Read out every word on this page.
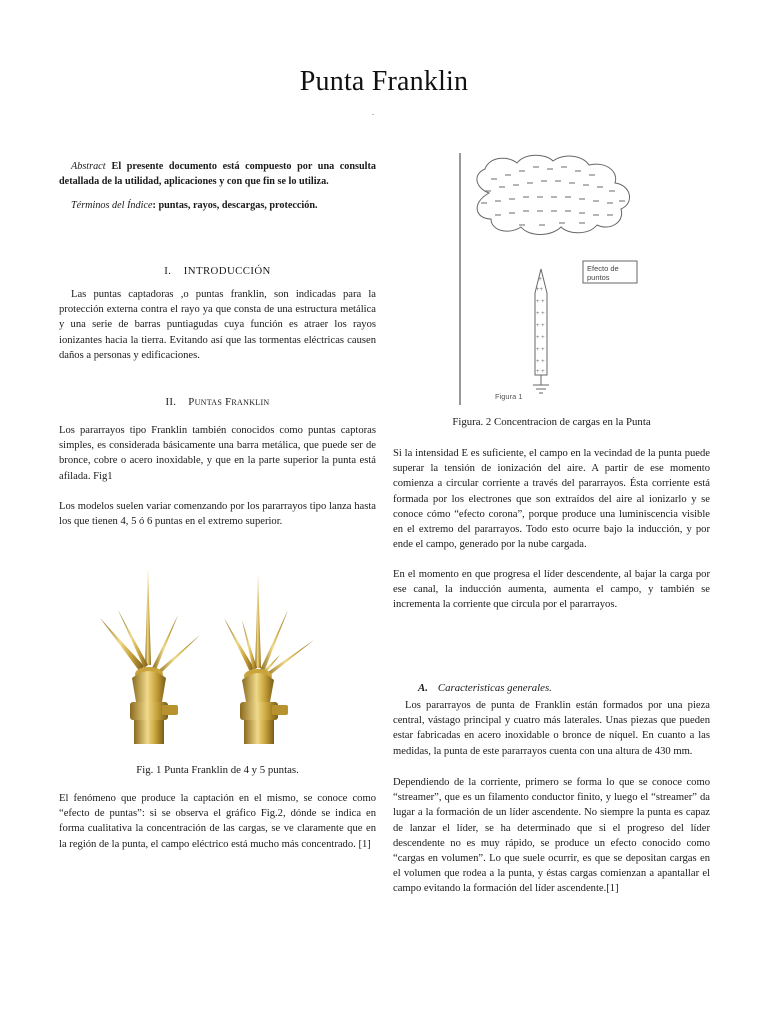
Punta Franklin
.

Abstract El presente documento está compuesto por una consulta detallada de la utilidad, aplicaciones y con que fin se lo utiliza.

Términos del Índice: puntas, rayos, descargas, protección.

I.    INTRODUCCIÓN

Las puntas captadoras ,o puntas franklin, son indicadas para la protección externa contra el rayo ya que consta de una estructura metálica y una serie de barras puntiagudas cuya función es atraer los rayos ionizantes hacia la tierra. Evitando así que las tormentas eléctricas causen daños a personas y edificaciones.

II.    Puntas Franklin

Los pararrayos tipo Franklin también conocidos como puntas captoras simples, es considerada básicamente una barra metálica, que puede ser de bronce, cobre o acero inoxidable, y que en la parte superior la punta está afilada. Fig1

Los modelos suelen variar comenzando por los pararrayos tipo lanza hasta los que tienen 4, 5 ó 6 puntas en el extremo superior.

Fig. 1 Punta Franklin de 4 y 5 puntas.

El fenómeno que produce la captación en el mismo, se conoce como “efecto de puntas”: si se observa el gráfico Fig.2, dónde se indica en forma cualitativa la concentración de las cargas, se ve claramente que en la región de la punta, el campo eléctrico está mucho más concentrado. [1]

Efecto de
puntos
+
++
+ +
+ +
+ +
+ +
+ +
+ +
+ +
Figura 1
Figura. 2 Concentracion de cargas en la Punta

Si la intensidad E es suficiente, el campo en la vecindad de la punta puede superar la tensión de ionización del aire. A partir de ese momento comienza a circular corriente a través del pararrayos. Ésta corriente está formada por los electrones que son extraídos del aire al ionizarlo y se conoce cómo “efecto corona”, porque produce una luminiscencia visible en el extremo del pararrayos. Todo esto ocurre bajo la inducción, y por ende el campo, generado por la nube cargada.

En el momento en que progresa el líder descendente, al bajar la carga por ese canal, la inducción aumenta, aumenta el campo, y también se incrementa la corriente que circula por el pararrayos.

A. Caracteristicas generales.

Los pararrayos de punta de Franklin están formados por una pieza central, vástago principal y cuatro más laterales. Unas piezas que pueden estar fabricadas en acero inoxidable o bronce de níquel. En cuanto a las medidas, la punta de este pararrayos cuenta con una altura de 430 mm.

Dependiendo de la corriente, primero se forma lo que se conoce como “streamer”, que es un filamento conductor finito, y luego el “streamer” da lugar a la formación de un líder ascendente. No siempre la punta es capaz de lanzar el líder, se ha determinado que si el progreso del líder descendente no es muy rápido, se produce un efecto conocido como “cargas en volumen”. Lo que suele ocurrir, es que se depositan cargas en el volumen que rodea a la punta, y éstas cargas comienzan a apantallar el campo evitando la formación del líder ascendente.[1]
